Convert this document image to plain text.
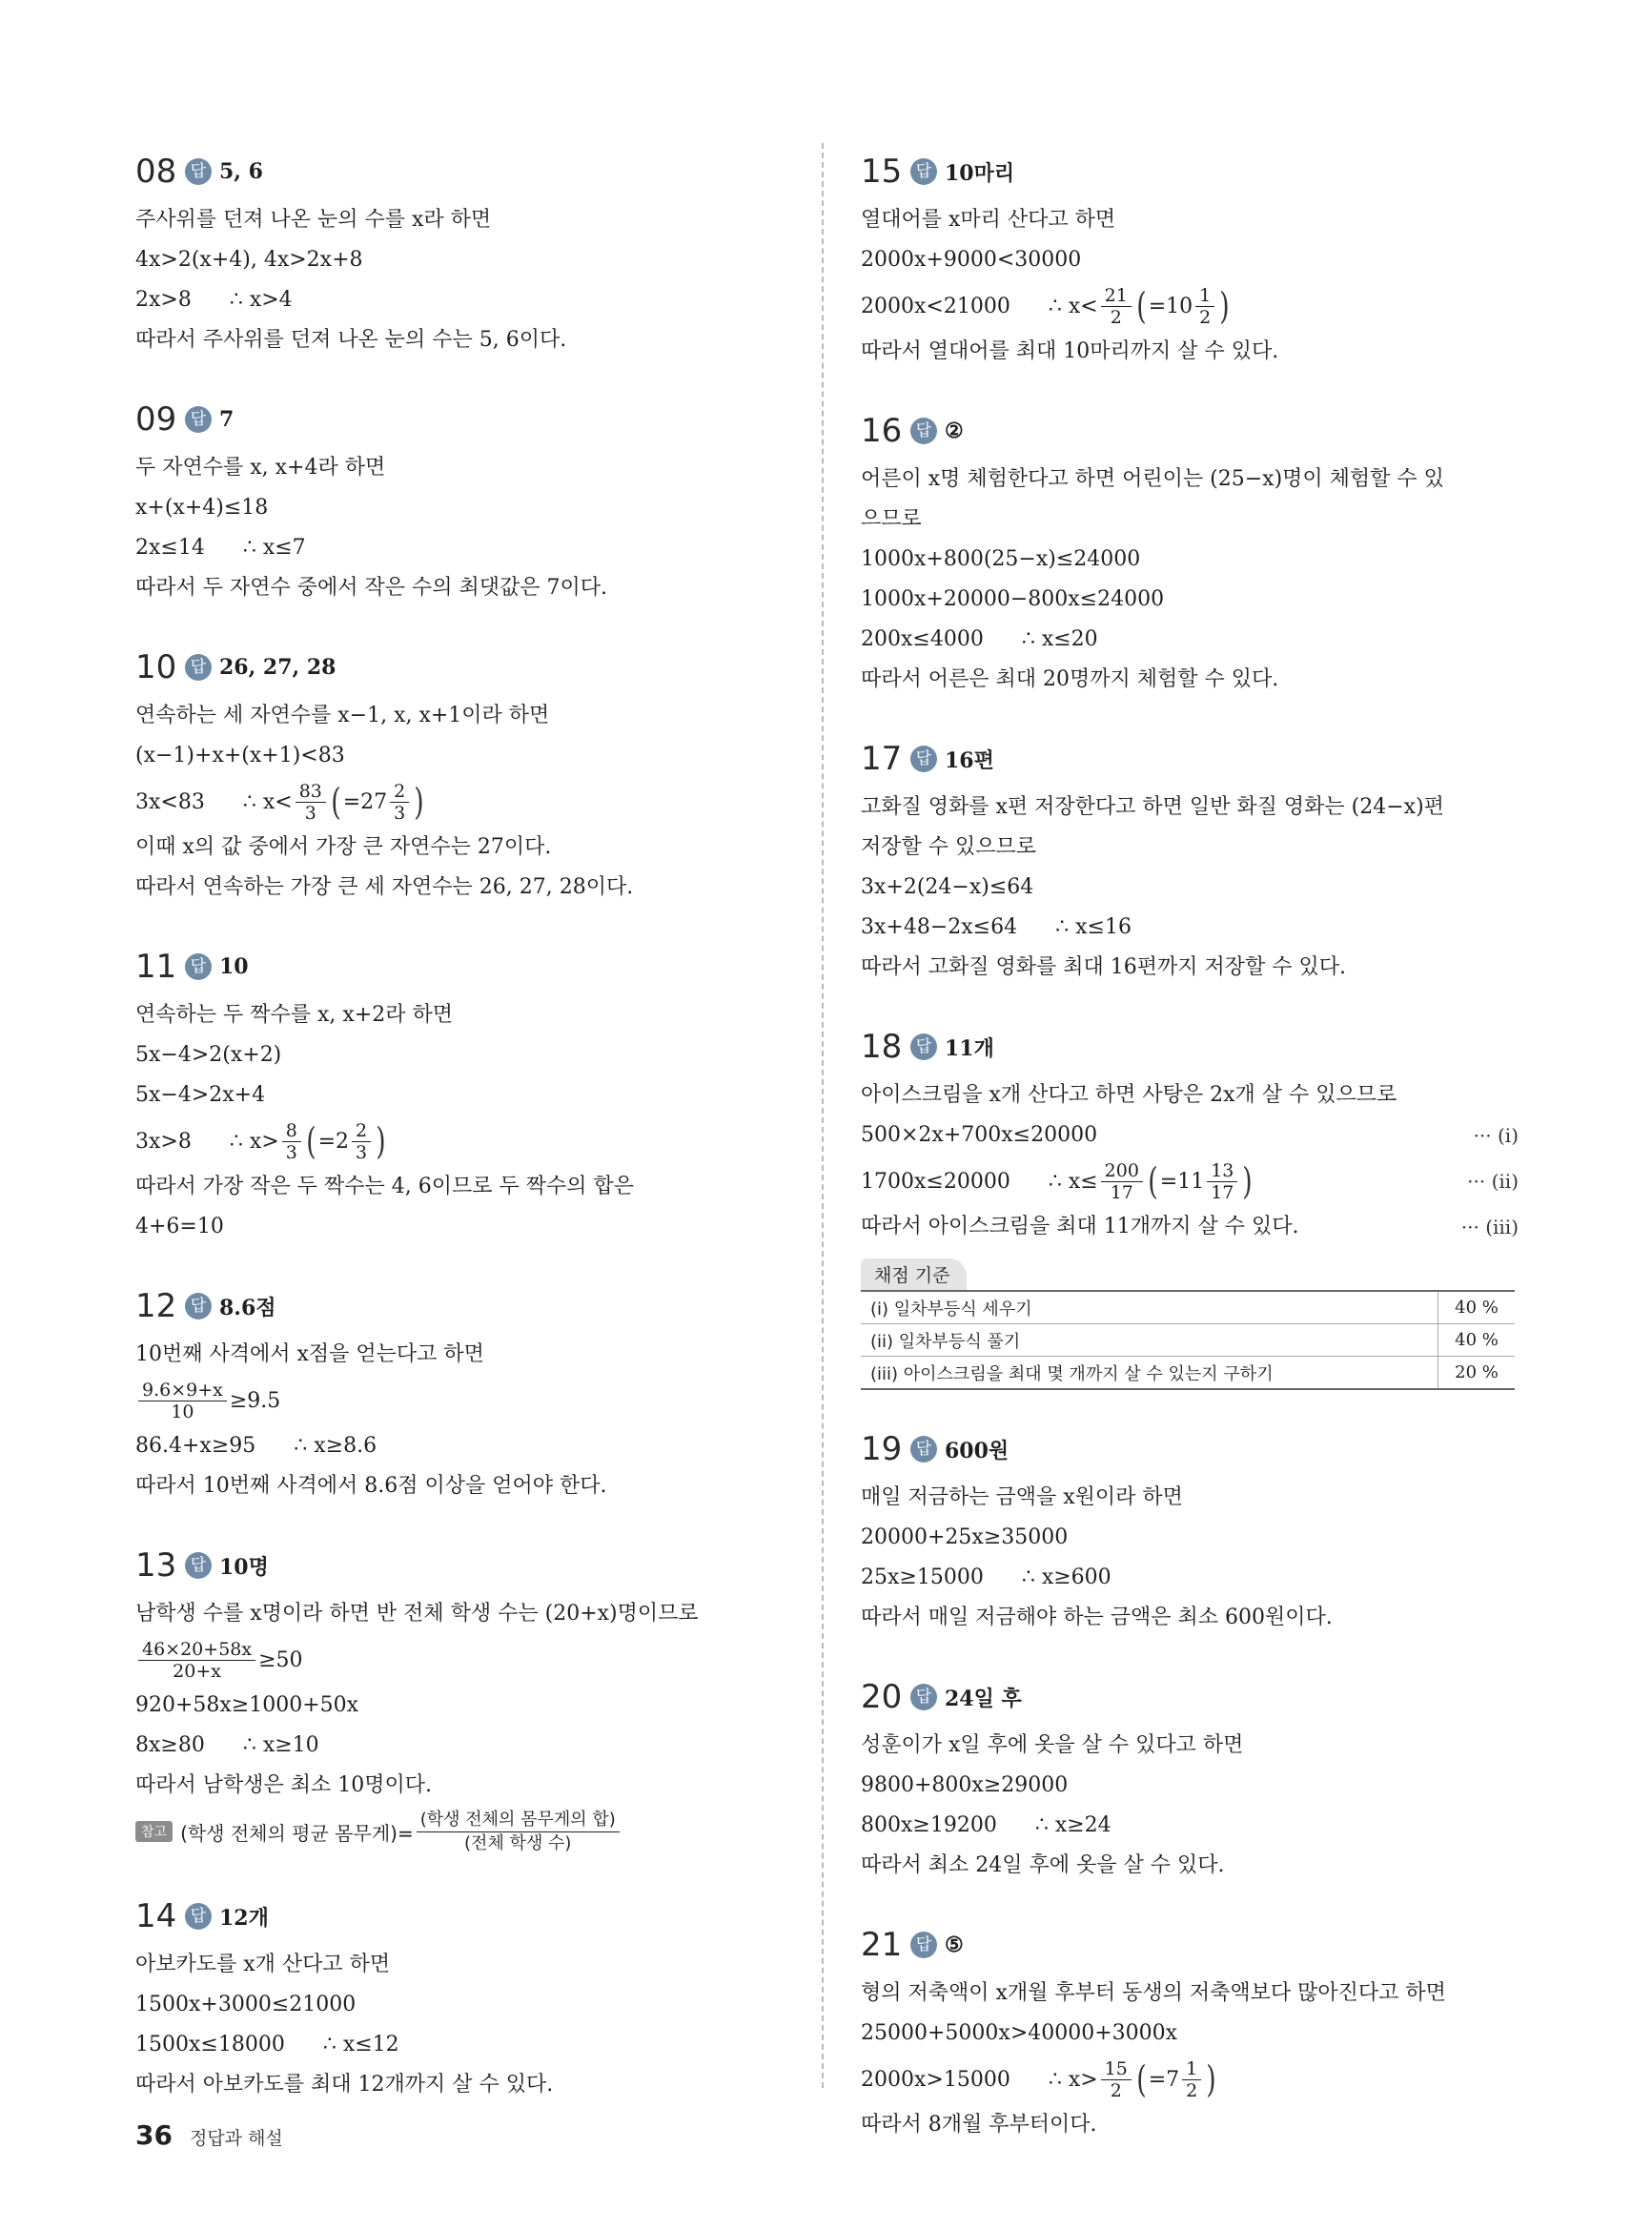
08 답 5, 6
주사위를 던져 나온 눈의 수를 x라 하면
4x>2(x+4), 4x>2x+8
2x>8 ∴ x>4
따라서 주사위를 던져 나온 눈의 수는 5, 6이다.
09 답 7
두 자연수를 x, x+4라 하면
x+(x+4)≤18
2x≤14 ∴ x≤7
따라서 두 자연수 중에서 작은 수의 최댓값은 7이다.
10 답 26, 27, 28
연속하는 세 자연수를 x−1, x, x+1이라 하면
(x−1)+x+(x+1)<83
3x<83 ∴ $x< \frac{83}{3}$ ( $=27 \frac{2}{3}$ )
이때 x의 값 중에서 가장 큰 자연수는 27이다.
따라서 연속하는 가장 큰 세 자연수는 26, 27, 28이다.
11 답 10
연속하는 두 짝수를 x, x+2라 하면
5x−4>2(x+2)
5x−4>2x+4
3x>8 ∴ $x> \frac{8}{3}$ ( $=2 \frac{2}{3}$ )
따라서 가장 작은 두 짝수는 4, 6이므로 두 짝수의 합은
4+6=10
12 답 8.6점
10번째 사격에서 x점을 얻는다고 하면
$\frac{9.6\times 9+x}{10} \ge 9.5$
86.4+x≥95 ∴ x≥8.6
따라서 10번째 사격에서 8.6점 이상을 얻어야 한다.
13 답 10명
남학생 수를 x명이라 하면 반 전체 학생 수는 (20+x)명이므로
$\frac{46\times 20+58x}{20+x} \ge 50$
920+58x≥1000+50x
8x≥80 ∴ x≥10
따라서 남학생은 최소 10명이다.
참고 (학생 전체의 평균 몸무게)= $\frac{\text{(학생 전체의 몸무게의 합)}}{\text{(전체 학생 수)}}$
14 답 12개
아보카도를 x개 산다고 하면
1500x+3000≤21000
1500x≤18000 ∴ x≤12
따라서 아보카도를 최대 12개까지 살 수 있다.
15 답 10마리
열대어를 x마리 산다고 하면
2000x+9000<30000
2000x<21000 ∴ $x< \frac{21}{2}$ ( $=10 \frac{1}{2}$ )
따라서 열대어를 최대 10마리까지 살 수 있다.
16 답 ②
어른이 x명 체험한다고 하면 어린이는 (25−x)명이 체험할 수 있
으므로
1000x+800(25−x)≤24000
1000x+20000−800x≤24000
200x≤4000 ∴ x≤20
따라서 어른은 최대 20명까지 체험할 수 있다.
17 답 16편
고화질 영화를 x편 저장한다고 하면 일반 화질 영화는 (24−x)편
저장할 수 있으므로
3x+2(24−x)≤64
3x+48−2x≤64 ∴ x≤16
따라서 고화질 영화를 최대 16편까지 저장할 수 있다.
18 답 11개
아이스크림을 x개 산다고 하면 사탕은 2x개 살 수 있으므로
500×2x+700x≤20000	··· (i)
1700x≤20000 ∴ $x\le \frac{200}{17}$ ( $=11 \frac{13}{17}$ )	··· (ii)
따라서 아이스크림을 최대 11개까지 살 수 있다.	··· (iii)
채점 기준
(i) 일차부등식 세우기	40 %
(ii) 일차부등식 풀기	40 %
(iii) 아이스크림을 최대 몇 개까지 살 수 있는지 구하기	20 %
19 답 600원
매일 저금하는 금액을 x원이라 하면
20000+25x≥35000
25x≥15000 ∴ x≥600
따라서 매일 저금해야 하는 금액은 최소 600원이다.
20 답 24일 후
성훈이가 x일 후에 옷을 살 수 있다고 하면
9800+800x≥29000
800x≥19200 ∴ x≥24
따라서 최소 24일 후에 옷을 살 수 있다.
21 답 ⑤
형의 저축액이 x개월 후부터 동생의 저축액보다 많아진다고 하면
25000+5000x>40000+3000x
2000x>15000 ∴ $x> \frac{15}{2}$ ( $=7 \frac{1}{2}$ )
따라서 8개월 후부터이다.
36 정답과 해설
